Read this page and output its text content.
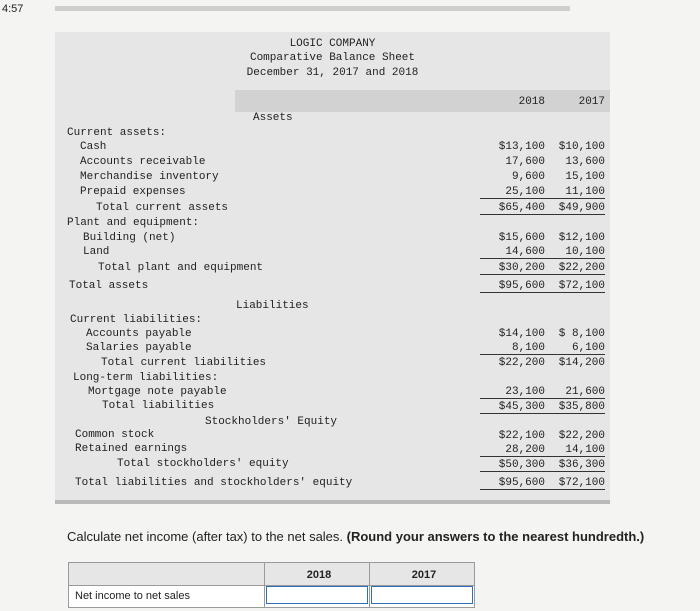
4:57
LOGIC COMPANY
Comparative Balance Sheet
December 31, 2017 and 2018
2018	2017
Assets
Current assets:
Cash	$13,100	$10,100
Accounts receivable	17,600	13,600
Merchandise inventory	9,600	15,100
Prepaid expenses	25,100	11,100
Total current assets	$65,400	$49,900
Plant and equipment:
Building (net)	$15,600	$12,100
Land	14,600	10,100
Total plant and equipment	$30,200	$22,200
Total assets	$95,600	$72,100
Liabilities
Current liabilities:
Accounts payable	$14,100	$ 8,100
Salaries payable	8,100	6,100
Total current liabilities	$22,200	$14,200
Long-term liabilities:
Mortgage note payable	23,100	21,600
Total liabilities	$45,300	$35,800
Stockholders' Equity
Common stock	$22,100	$22,200
Retained earnings	28,200	14,100
Total stockholders' equity	$50,300	$36,300
Total liabilities and stockholders' equity	$95,600	$72,100
Calculate net income (after tax) to the net sales. (Round your answers to the nearest hundredth.)
2018	2017
Net income to net sales
